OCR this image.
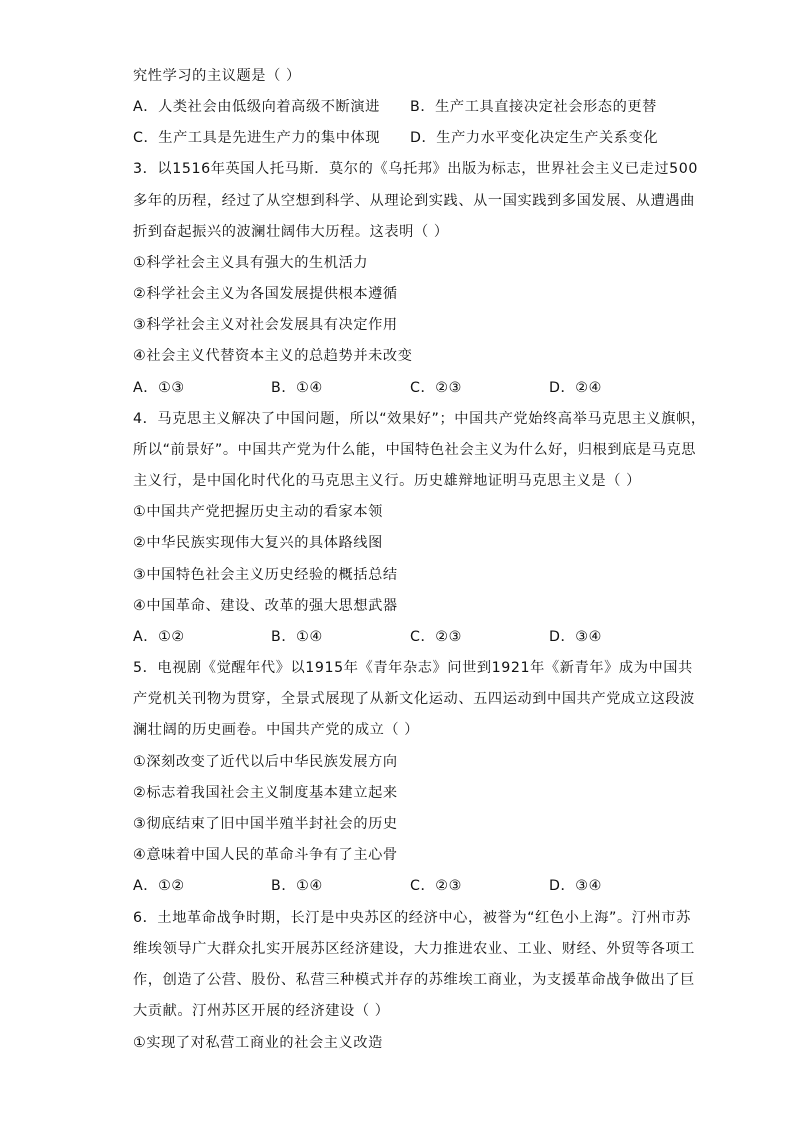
究性学习的主议题是（ ）
A．人类社会由低级向着高级不断演进 B．生产工具直接决定社会形态的更替
C．生产工具是先进生产力的集中体现 D．生产力水平变化决定生产关系变化
3．以1516年英国人托马斯．莫尔的《乌托邦》出版为标志，世界社会主义已走过500
多年的历程，经过了从空想到科学、从理论到实践、从一国实践到多国发展、从遭遇曲
折到奋起振兴的波澜壮阔伟大历程。这表明（ ）
①科学社会主义具有强大的生机活力
②科学社会主义为各国发展提供根本遵循
③科学社会主义对社会发展具有决定作用
④社会主义代替资本主义的总趋势并未改变
A．①③	B．①④	C．②③	D．②④
4．马克思主义解决了中国问题，所以“效果好”；中国共产党始终高举马克思主义旗帜，
所以“前景好”。中国共产党为什么能，中国特色社会主义为什么好，归根到底是马克思
主义行，是中国化时代化的马克思主义行。历史雄辩地证明马克思主义是（ ）
①中国共产党把握历史主动的看家本领
②中华民族实现伟大复兴的具体路线图
③中国特色社会主义历史经验的概括总结
④中国革命、建设、改革的强大思想武器
A．①②	B．①④	C．②③	D．③④
5．电视剧《觉醒年代》以1915年《青年杂志》问世到1921年《新青年》成为中国共
产党机关刊物为贯穿，全景式展现了从新文化运动、五四运动到中国共产党成立这段波
澜壮阔的历史画卷。中国共产党的成立（ ）
①深刻改变了近代以后中华民族发展方向
②标志着我国社会主义制度基本建立起来
③彻底结束了旧中国半殖半封社会的历史
④意味着中国人民的革命斗争有了主心骨
A．①②	B．①④	C．②③	D．③④
6．土地革命战争时期，长汀是中央苏区的经济中心，被誉为“红色小上海”。汀州市苏
维埃领导广大群众扎实开展苏区经济建设，大力推进农业、工业、财经、外贸等各项工
作，创造了公营、股份、私营三种模式并存的苏维埃工商业，为支援革命战争做出了巨
大贡献。汀州苏区开展的经济建设（ ）
①实现了对私营工商业的社会主义改造
